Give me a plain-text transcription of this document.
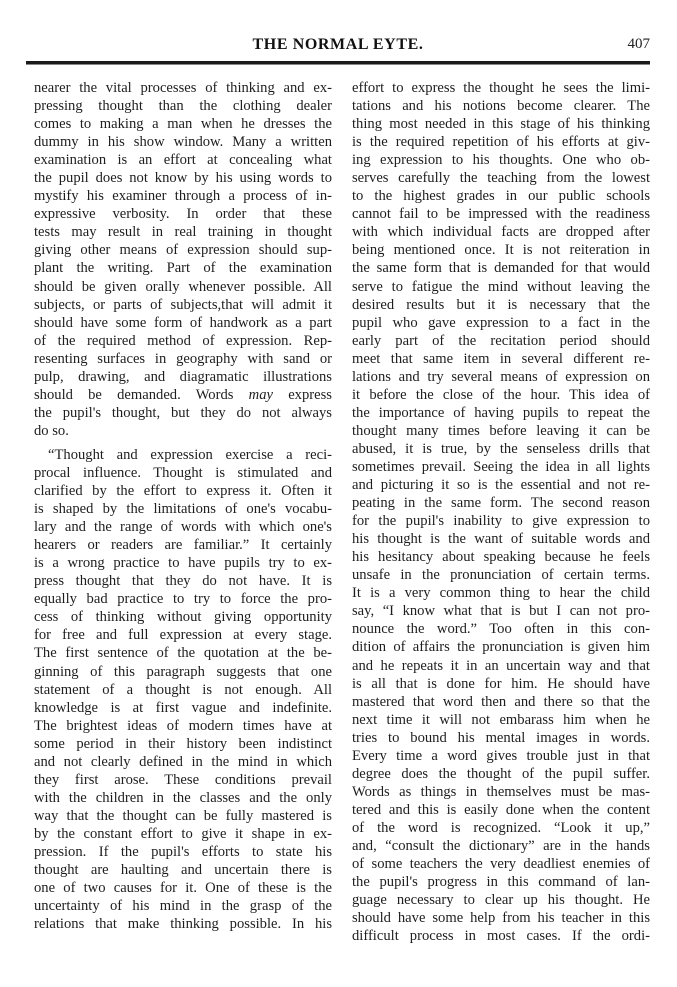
THE NORMAL EYTE.	407
nearer the vital processes of thinking and ex-
pressing thought than the clothing dealer
comes to making a man when he dresses the
dummy in his show window. Many a written
examination is an effort at concealing what
the pupil does not know by his using words to
mystify his examiner through a process of in-
expressive verbosity. In order that these
tests may result in real training in thought
giving other means of expression should sup-
plant the writing. Part of the examination
should be given orally whenever possible. All
subjects, or parts of subjects,that will admit it
should have some form of handwork as a part
of the required method of expression. Rep-
resenting surfaces in geography with sand or
pulp, drawing, and diagramatic illustrations
should be demanded. Words may express
the pupil's thought, but they do not always
do so.
“Thought and expression exercise a reci-
procal influence. Thought is stimulated and
clarified by the effort to express it. Often it
is shaped by the limitations of one's vocabu-
lary and the range of words with which one's
hearers or readers are familiar.” It certainly
is a wrong practice to have pupils try to ex-
press thought that they do not have. It is
equally bad practice to try to force the pro-
cess of thinking without giving opportunity
for free and full expression at every stage.
The first sentence of the quotation at the be-
ginning of this paragraph suggests that one
statement of a thought is not enough. All
knowledge is at first vague and indefinite.
The brightest ideas of modern times have at
some period in their history been indistinct
and not clearly defined in the mind in which
they first arose. These conditions prevail
with the children in the classes and the only
way that the thought can be fully mastered is
by the constant effort to give it shape in ex-
pression. If the pupil's efforts to state his
thought are haulting and uncertain there is
one of two causes for it. One of these is the
uncertainty of his mind in the grasp of the
relations that make thinking possible. In his
effort to express the thought he sees the limi-
tations and his notions become clearer. The
thing most needed in this stage of his thinking
is the required repetition of his efforts at giv-
ing expression to his thoughts. One who ob-
serves carefully the teaching from the lowest
to the highest grades in our public schools
cannot fail to be impressed with the readiness
with which individual facts are dropped after
being mentioned once. It is not reiteration in
the same form that is demanded for that would
serve to fatigue the mind without leaving the
desired results but it is necessary that the
pupil who gave expression to a fact in the
early part of the recitation period should
meet that same item in several different re-
lations and try several means of expression on
it before the close of the hour. This idea of
the importance of having pupils to repeat the
thought many times before leaving it can be
abused, it is true, by the senseless drills that
sometimes prevail. Seeing the idea in all lights
and picturing it so is the essential and not re-
peating in the same form. The second reason
for the pupil's inability to give expression to
his thought is the want of suitable words and
his hesitancy about speaking because he feels
unsafe in the pronunciation of certain terms.
It is a very common thing to hear the child
say, “I know what that is but I can not pro-
nounce the word.” Too often in this con-
dition of affairs the pronunciation is given him
and he repeats it in an uncertain way and that
is all that is done for him. He should have
mastered that word then and there so that the
next time it will not embarass him when he
tries to bound his mental images in words.
Every time a word gives trouble just in that
degree does the thought of the pupil suffer.
Words as things in themselves must be mas-
tered and this is easily done when the content
of the word is recognized. “Look it up,”
and, “consult the dictionary” are in the hands
of some teachers the very deadliest enemies of
the pupil's progress in this command of lan-
guage necessary to clear up his thought. He
should have some help from his teacher in this
difficult process in most cases. If the ordi-
